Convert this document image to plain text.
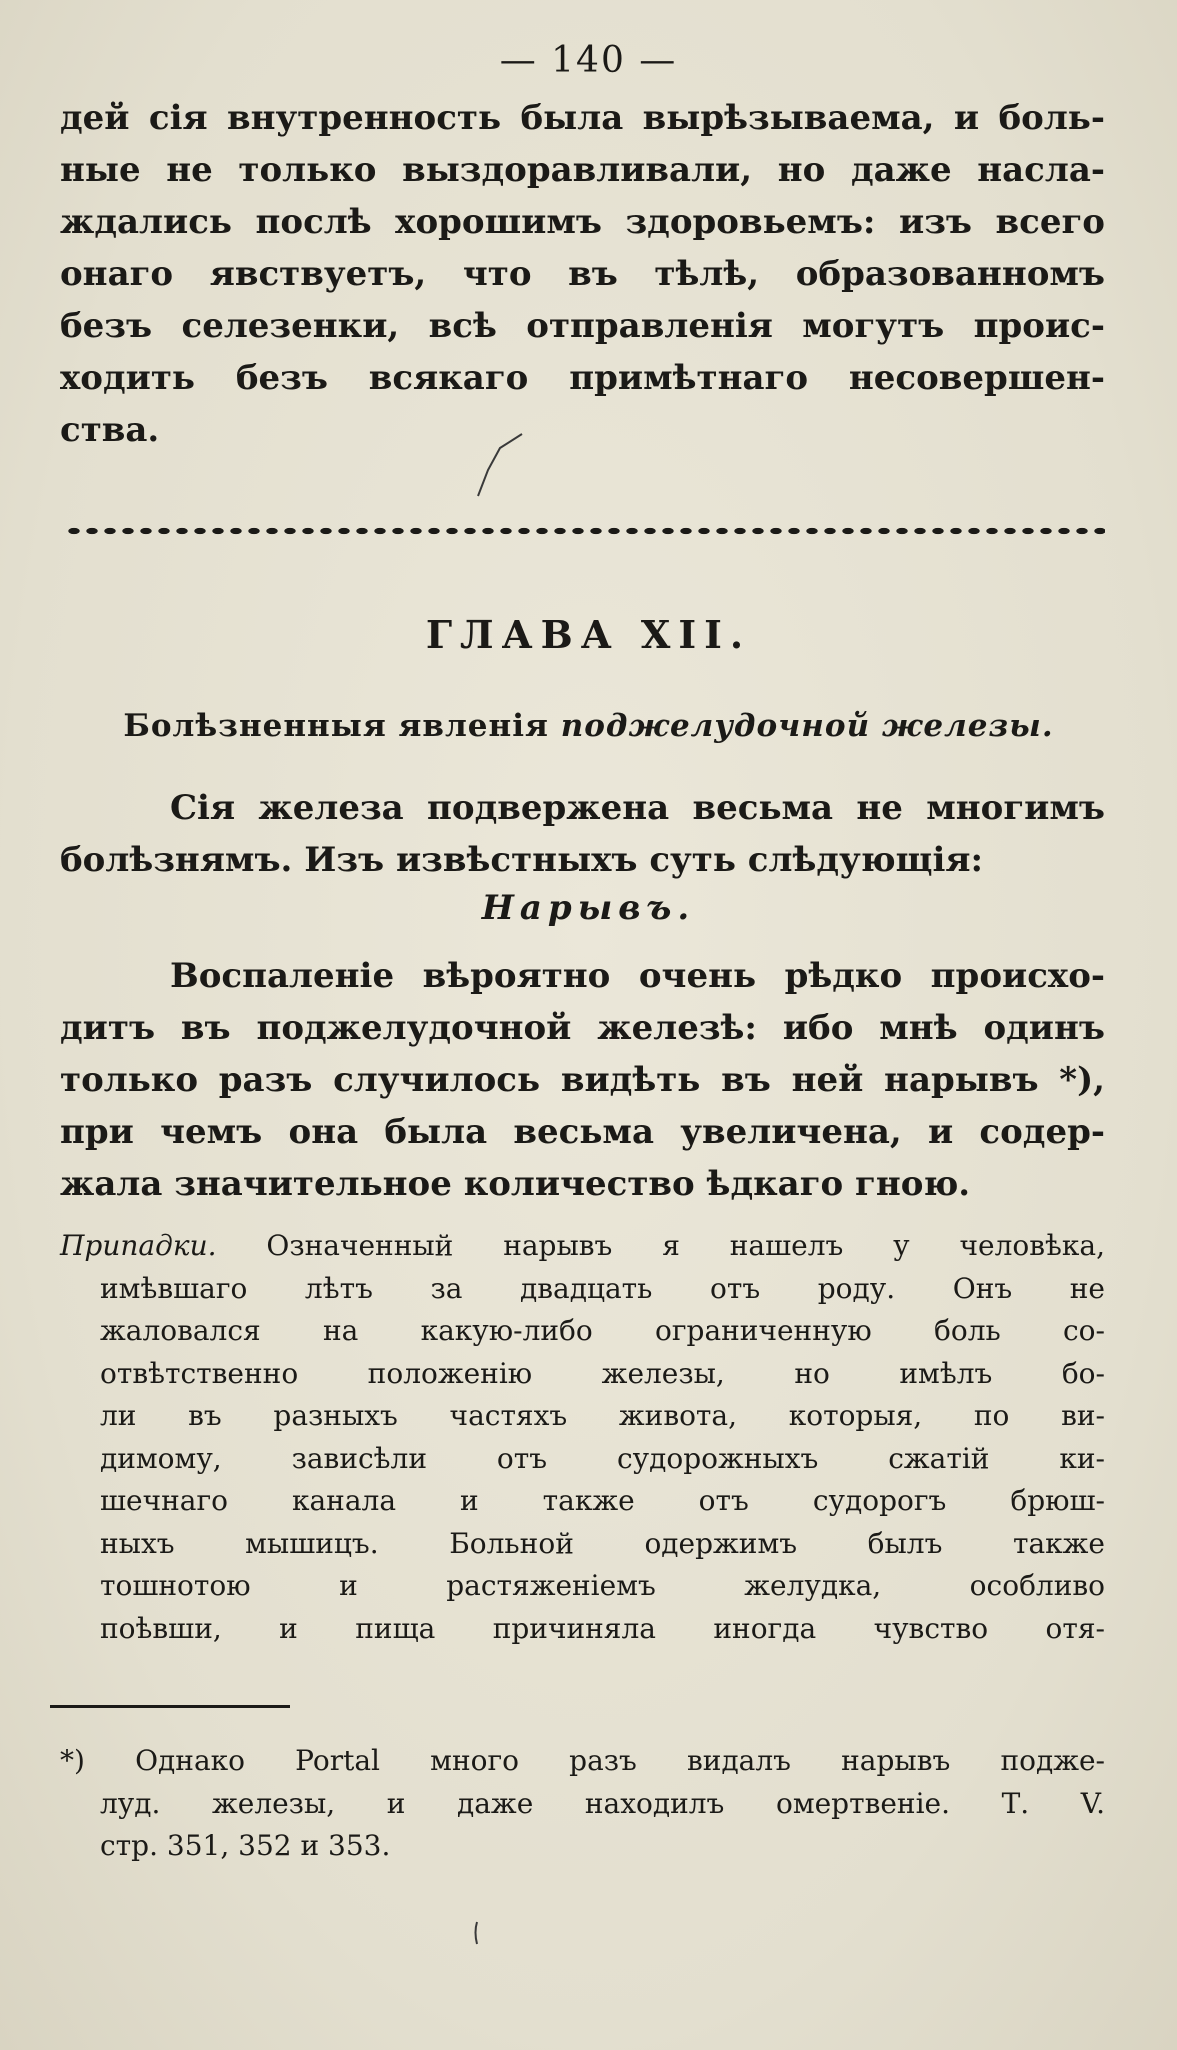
— 140 —
дей сія внутренность была вырѣзываема, и боль-
ные не только выздоравливали, но даже насла-
ждались послѣ хорошимъ здоровьемъ: изъ всего
онаго явствуетъ, что въ тѣлѣ, образованномъ
безъ селезенки, всѣ отправленія могутъ проис-
ходить безъ всякаго примѣтнаго несовершен-
ства.
ГЛАВА XII.
Болѣзненныя явленія поджелудочной железы.
Сія железа подвержена весьма не многимъ
болѣзнямъ. Изъ извѣстныхъ суть слѣдующія:
Нарывъ.
Воспаленіе вѣроятно очень рѣдко происхо-
дитъ въ поджелудочной железѣ: ибо мнѣ одинъ
только разъ случилось видѣть въ ней нарывъ *),
при чемъ она была весьма увеличена, и содер-
жала значительное количество ѣдкаго гною.
Припадки. Означенный нарывъ я нашелъ у человѣка,
имѣвшаго лѣтъ за двадцать отъ роду. Онъ не
жаловался на какую-либо ограниченную боль со-
отвѣтственно положенію железы, но имѣлъ бо-
ли въ разныхъ частяхъ живота, которыя, по ви-
димому, зависѣли отъ судорожныхъ сжатій ки-
шечнаго канала и также отъ судорогъ брюш-
ныхъ мышицъ. Больной одержимъ былъ также
тошнотою и растяженіемъ желудка, особливо
поѣвши, и пища причиняла иногда чувство отя-
*) Однако Portal много разъ видалъ нарывъ подже-
луд. железы, и даже находилъ омертвеніе. Т. V.
стр. 351, 352 и 353.
